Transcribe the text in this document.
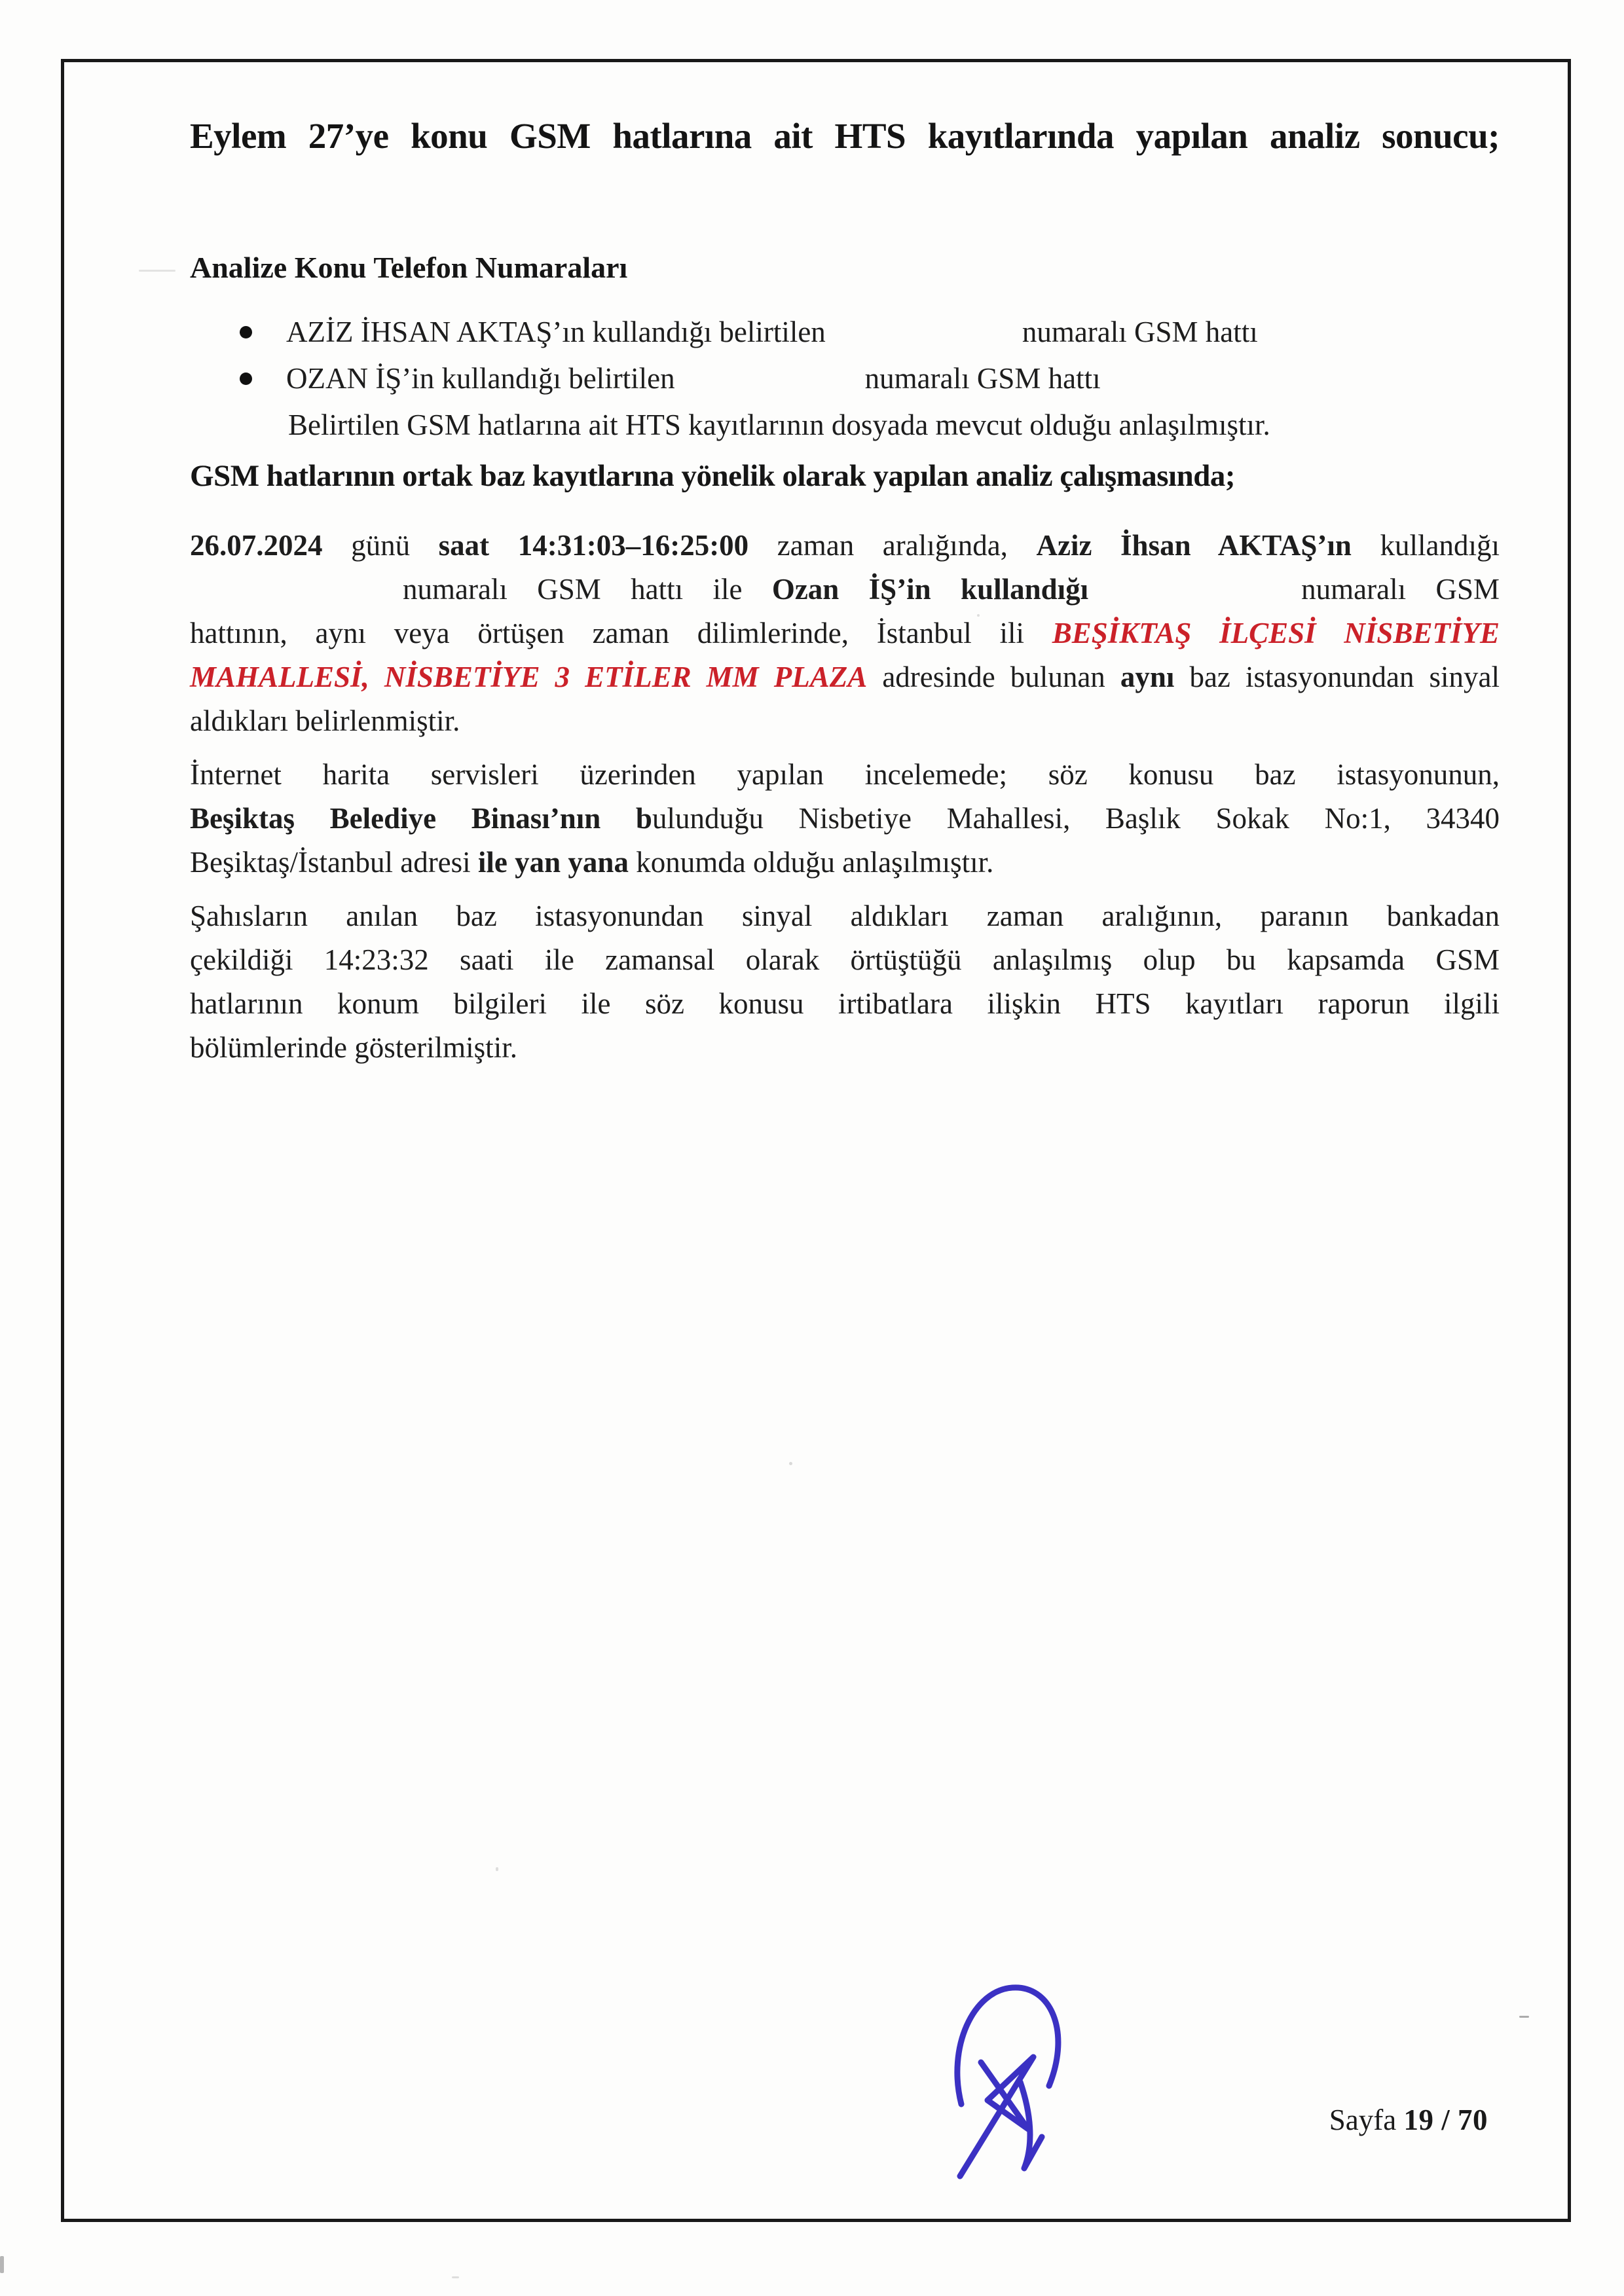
Eylem 27’ye konu GSM hatlarına ait HTS kayıtlarında yapılan analiz sonucu;
Analize Konu Telefon Numaraları
AZİZ İHSAN AKTAŞ’ın kullandığı belirtilen	numaralı GSM hattı
OZAN İŞ’in kullandığı belirtilen	numaralı GSM hattı
Belirtilen GSM hatlarına ait HTS kayıtlarının dosyada mevcut olduğu anlaşılmıştır.
GSM hatlarının ortak baz kayıtlarına yönelik olarak yapılan analiz çalışmasında;
26.07.2024 günü saat 14:31:03–16:25:00 zaman aralığında, Aziz İhsan AKTAŞ’ın kullandığı
numaralı GSM hattı ile Ozan İŞ’in kullandığı	numaralı GSM
hattının, aynı veya örtüşen zaman dilimlerinde, İstanbul ili BEŞİKTAŞ İLÇESİ NİSBETİYE
MAHALLESİ, NİSBETİYE 3 ETİLER MM PLAZA adresinde bulunan aynı baz istasyonundan sinyal
aldıkları belirlenmiştir.
İnternet harita servisleri üzerinden yapılan incelemede; söz konusu baz istasyonunun,
Beşiktaş Belediye Binası’nın bulunduğu Nisbetiye Mahallesi, Başlık Sokak No:1, 34340
Beşiktaş/İstanbul adresi ile yan yana konumda olduğu anlaşılmıştır.
Şahısların anılan baz istasyonundan sinyal aldıkları zaman aralığının, paranın bankadan
çekildiği 14:23:32 saati ile zamansal olarak örtüştüğü anlaşılmış olup bu kapsamda GSM
hatlarının konum bilgileri ile söz konusu irtibatlara ilişkin HTS kayıtları raporun ilgili
bölümlerinde gösterilmiştir.
Sayfa 19 / 70
